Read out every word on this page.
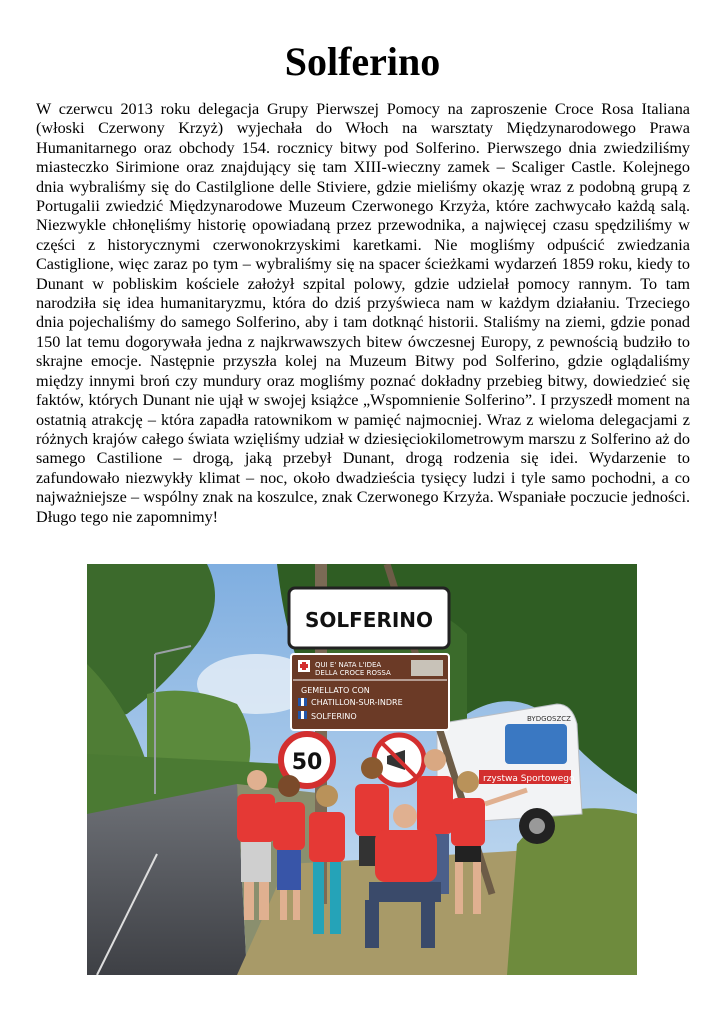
Solferino

W czerwcu 2013 roku delegacja Grupy Pierwszej Pomocy na zaproszenie Croce Rosa Italiana (włoski Czerwony Krzyż) wyjechała do Włoch na warsztaty Międzynarodowego Prawa Humanitarnego oraz obchody 154. rocznicy bitwy pod Solferino. Pierwszego dnia zwiedziliśmy miasteczko Sirimione oraz znajdujący się tam XIII-wieczny zamek – Scaliger Castle. Kolejnego dnia wybraliśmy się do Castilglione delle Stiviere, gdzie mieliśmy okazję wraz z podobną grupą z Portugalii zwiedzić Międzynarodowe Muzeum Czerwonego Krzyża, które zachwycało każdą salą. Niezwykle chłonęliśmy historię opowiadaną przez przewodnika, a najwięcej czasu spędziliśmy w części z historycznymi czerwonokrzyskimi karetkami. Nie mogliśmy odpuścić zwiedzania Castiglione, więc zaraz po tym – wybraliśmy się na spacer ścieżkami wydarzeń 1859 roku, kiedy to Dunant w pobliskim kościele założył szpital polowy, gdzie udzielał pomocy rannym. To tam narodziła się idea humanitaryzmu, która do dziś przyświeca nam w każdym działaniu. Trzeciego dnia pojechaliśmy do samego Solferino, aby i tam dotknąć historii. Staliśmy na ziemi, gdzie ponad 150 lat temu dogorywała jedna z najkrwawszych bitew ówczesnej Europy, z pewnością budziło to skrajne emocje. Następnie przyszła kolej na Muzeum Bitwy pod Solferino, gdzie oglądaliśmy między innymi broń czy mundury oraz mogliśmy poznać dokładny przebieg bitwy, dowiedzieć się faktów, których Dunant nie ujął w swojej książce „Wspomnienie Solferino”. I przyszedł moment na ostatnią atrakcję – która zapadła ratownikom w pamięć najmocniej. Wraz z wieloma delegacjami z różnych krajów całego świata wzięliśmy udział w dziesięciokilometrowym marszu z Solferino aż do samego Castilione – drogą, jaką przebył Dunant, drogą rodzenia się idei. Wydarzenie to zafundowało niezwykły klimat – noc, około dwadzieścia tysięcy ludzi i tyle samo pochodni, a co najważniejsze – wspólny znak na koszulce, znak Czerwonego Krzyża. Wspaniałe poczucie jedności. Długo tego nie zapomnimy!

rzystwa Sportowego
BYDGOSZCZ
SOLFERINO
QUI E' NATA L'IDEA
DELLA CROCE ROSSA
GEMELLATO CON
CHATILLON-SUR-INDRE
SOLFERINO
50
